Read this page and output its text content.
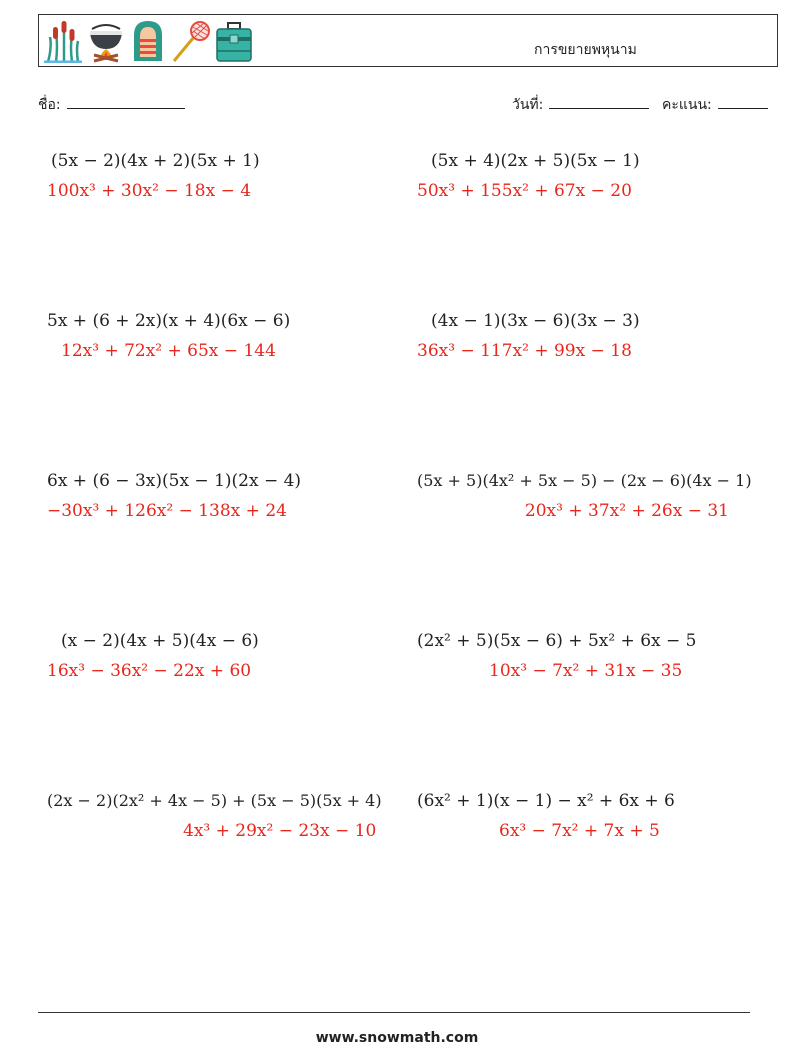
การขยายพหุนาม
ชื่อ:	วันที่:	คะแนน:
(5x − 2)(4x + 2)(5x + 1)
100x³ + 30x² − 18x − 4
(5x + 4)(2x + 5)(5x − 1)
50x³ + 155x² + 67x − 20
5x + (6 + 2x)(x + 4)(6x − 6)
12x³ + 72x² + 65x − 144
(4x − 1)(3x − 6)(3x − 3)
36x³ − 117x² + 99x − 18
6x + (6 − 3x)(5x − 1)(2x − 4)
−30x³ + 126x² − 138x + 24
(5x + 5)(4x² + 5x − 5) − (2x − 6)(4x − 1)
20x³ + 37x² + 26x − 31
(x − 2)(4x + 5)(4x − 6)
16x³ − 36x² − 22x + 60
(2x² + 5)(5x − 6) + 5x² + 6x − 5
10x³ − 7x² + 31x − 35
(2x − 2)(2x² + 4x − 5) + (5x − 5)(5x + 4)
4x³ + 29x² − 23x − 10
(6x² + 1)(x − 1) − x² + 6x + 6
6x³ − 7x² + 7x + 5
www.snowmath.com
